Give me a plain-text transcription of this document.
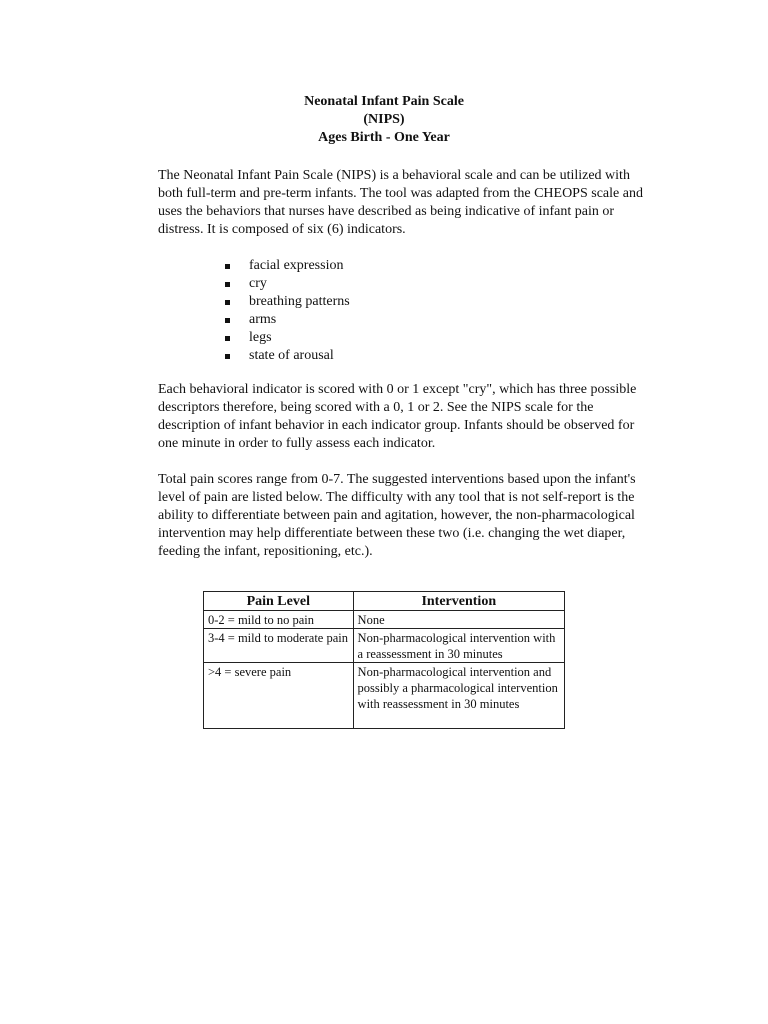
Neonatal Infant Pain Scale
(NIPS)
Ages Birth - One Year

The Neonatal Infant Pain Scale (NIPS) is a behavioral scale and can be utilized with both full-term and pre-term infants. The tool was adapted from the CHEOPS scale and uses the behaviors that nurses have described as being indicative of infant pain or distress. It is composed of six (6) indicators.

facial expression
cry
breathing patterns
arms
legs
state of arousal

Each behavioral indicator is scored with 0 or 1 except "cry", which has three possible descriptors therefore, being scored with a 0, 1 or 2. See the NIPS scale for the description of infant behavior in each indicator group. Infants should be observed for one minute in order to fully assess each indicator.

Total pain scores range from 0-7. The suggested interventions based upon the infant's level of pain are listed below. The difficulty with any tool that is not self-report is the ability to differentiate between pain and agitation, however, the non-pharmacological intervention may help differentiate between these two (i.e. changing the wet diaper, feeding the infant, repositioning, etc.).

Pain Level	Intervention
0-2 = mild to no pain	None
3-4 = mild to moderate pain	Non-pharmacological intervention with a reassessment in 30 minutes
>4 = severe pain	Non-pharmacological intervention and possibly a pharmacological intervention with reassessment in 30 minutes
